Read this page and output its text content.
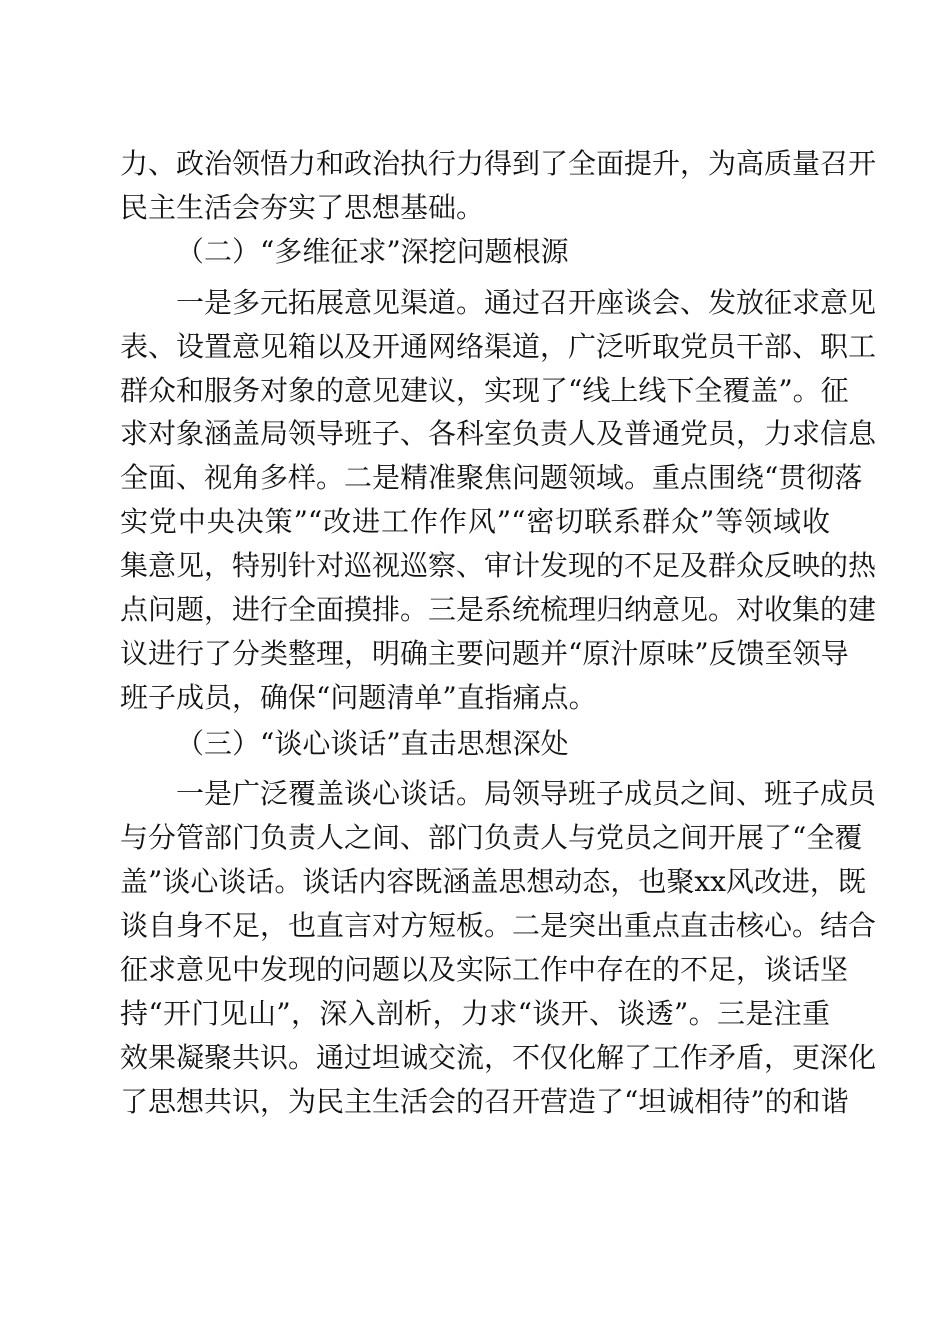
力、政治领悟力和政治执行力得到了全面提升，为高质量召开
民主生活会夯实了思想基础。
（二）“多维征求”深挖问题根源
一是多元拓展意见渠道。通过召开座谈会、发放征求意见
表、设置意见箱以及开通网络渠道，广泛听取党员干部、职工
群众和服务对象的意见建议，实现了“线上线下全覆盖”。征
求对象涵盖局领导班子、各科室负责人及普通党员，力求信息
全面、视角多样。二是精准聚焦问题领域。重点围绕“贯彻落
实党中央决策”“改进工作作风”“密切联系群众”等领域收
集意见，特别针对巡视巡察、审计发现的不足及群众反映的热
点问题，进行全面摸排。三是系统梳理归纳意见。对收集的建
议进行了分类整理，明确主要问题并“原汁原味”反馈至领导
班子成员，确保“问题清单”直指痛点。
（三）“谈心谈话”直击思想深处
一是广泛覆盖谈心谈话。局领导班子成员之间、班子成员
与分管部门负责人之间、部门负责人与党员之间开展了“全覆
盖”谈心谈话。谈话内容既涵盖思想动态，也聚xx风改进，既
谈自身不足，也直言对方短板。二是突出重点直击核心。结合
征求意见中发现的问题以及实际工作中存在的不足，谈话坚
持“开门见山”，深入剖析，力求“谈开、谈透”。三是注重
效果凝聚共识。通过坦诚交流，不仅化解了工作矛盾，更深化
了思想共识，为民主生活会的召开营造了“坦诚相待”的和谐
